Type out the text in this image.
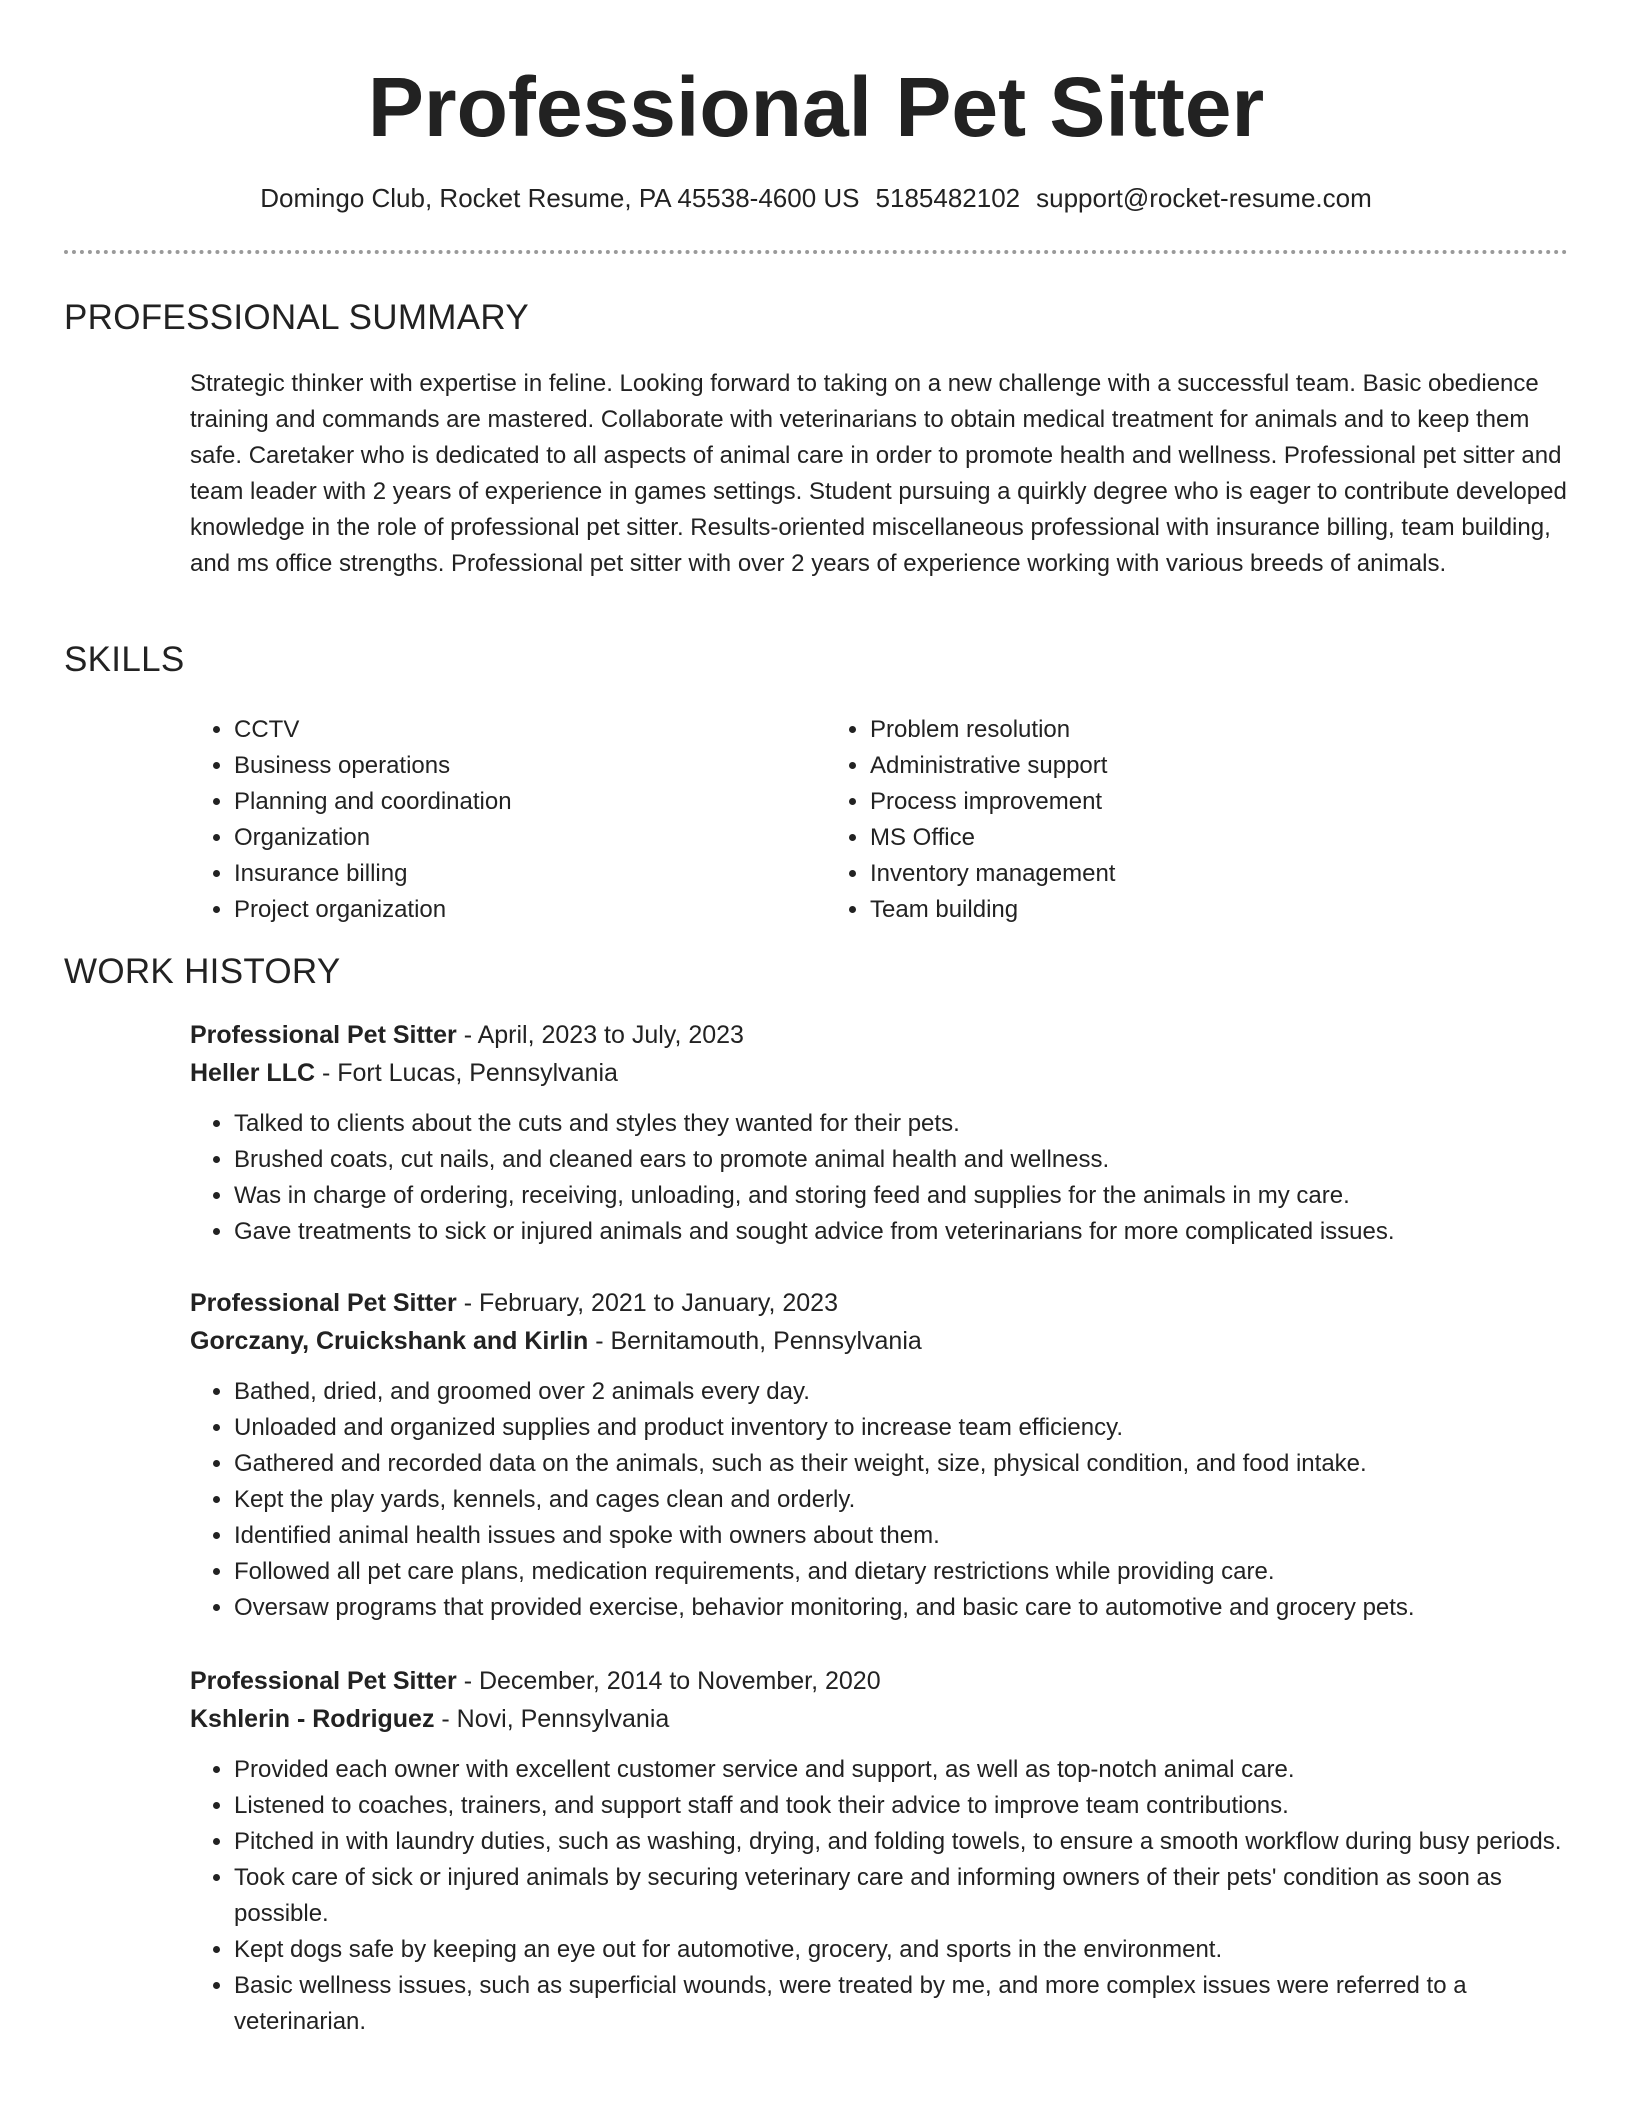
Professional Pet Sitter
Domingo Club, Rocket Resume, PA 45538-4600 US 5185482102 support@rocket-resume.com
PROFESSIONAL SUMMARY

Strategic thinker with expertise in feline. Looking forward to taking on a new challenge with a successful team. Basic obedience training and commands are mastered. Collaborate with veterinarians to obtain medical treatment for animals and to keep them safe. Caretaker who is dedicated to all aspects of animal care in order to promote health and wellness. Professional pet sitter and team leader with 2 years of experience in games settings. Student pursuing a quirkly degree who is eager to contribute developed knowledge in the role of professional pet sitter. Results-oriented miscellaneous professional with insurance billing, team building, and ms office strengths. Professional pet sitter with over 2 years of experience working with various breeds of animals.

SKILLS
• CCTV
• Business operations
• Planning and coordination
• Organization
• Insurance billing
• Project organization
• Problem resolution
• Administrative support
• Process improvement
• MS Office
• Inventory management
• Team building
WORK HISTORY

Professional Pet Sitter - April, 2023 to July, 2023

Heller LLC - Fort Lucas, Pennsylvania

• Talked to clients about the cuts and styles they wanted for their pets.
• Brushed coats, cut nails, and cleaned ears to promote animal health and wellness.
• Was in charge of ordering, receiving, unloading, and storing feed and supplies for the animals in my care.
• Gave treatments to sick or injured animals and sought advice from veterinarians for more complicated issues.

Professional Pet Sitter - February, 2021 to January, 2023

Gorczany, Cruickshank and Kirlin - Bernitamouth, Pennsylvania

• Bathed, dried, and groomed over 2 animals every day.
• Unloaded and organized supplies and product inventory to increase team efficiency.
• Gathered and recorded data on the animals, such as their weight, size, physical condition, and food intake.
• Kept the play yards, kennels, and cages clean and orderly.
• Identified animal health issues and spoke with owners about them.
• Followed all pet care plans, medication requirements, and dietary restrictions while providing care.
• Oversaw programs that provided exercise, behavior monitoring, and basic care to automotive and grocery pets.

Professional Pet Sitter - December, 2014 to November, 2020

Kshlerin - Rodriguez - Novi, Pennsylvania

• Provided each owner with excellent customer service and support, as well as top-notch animal care.
• Listened to coaches, trainers, and support staff and took their advice to improve team contributions.
• Pitched in with laundry duties, such as washing, drying, and folding towels, to ensure a smooth workflow during busy periods.
• Took care of sick or injured animals by securing veterinary care and informing owners of their pets' condition as soon as possible.
• Kept dogs safe by keeping an eye out for automotive, grocery, and sports in the environment.
• Basic wellness issues, such as superficial wounds, were treated by me, and more complex issues were referred to a veterinarian.
